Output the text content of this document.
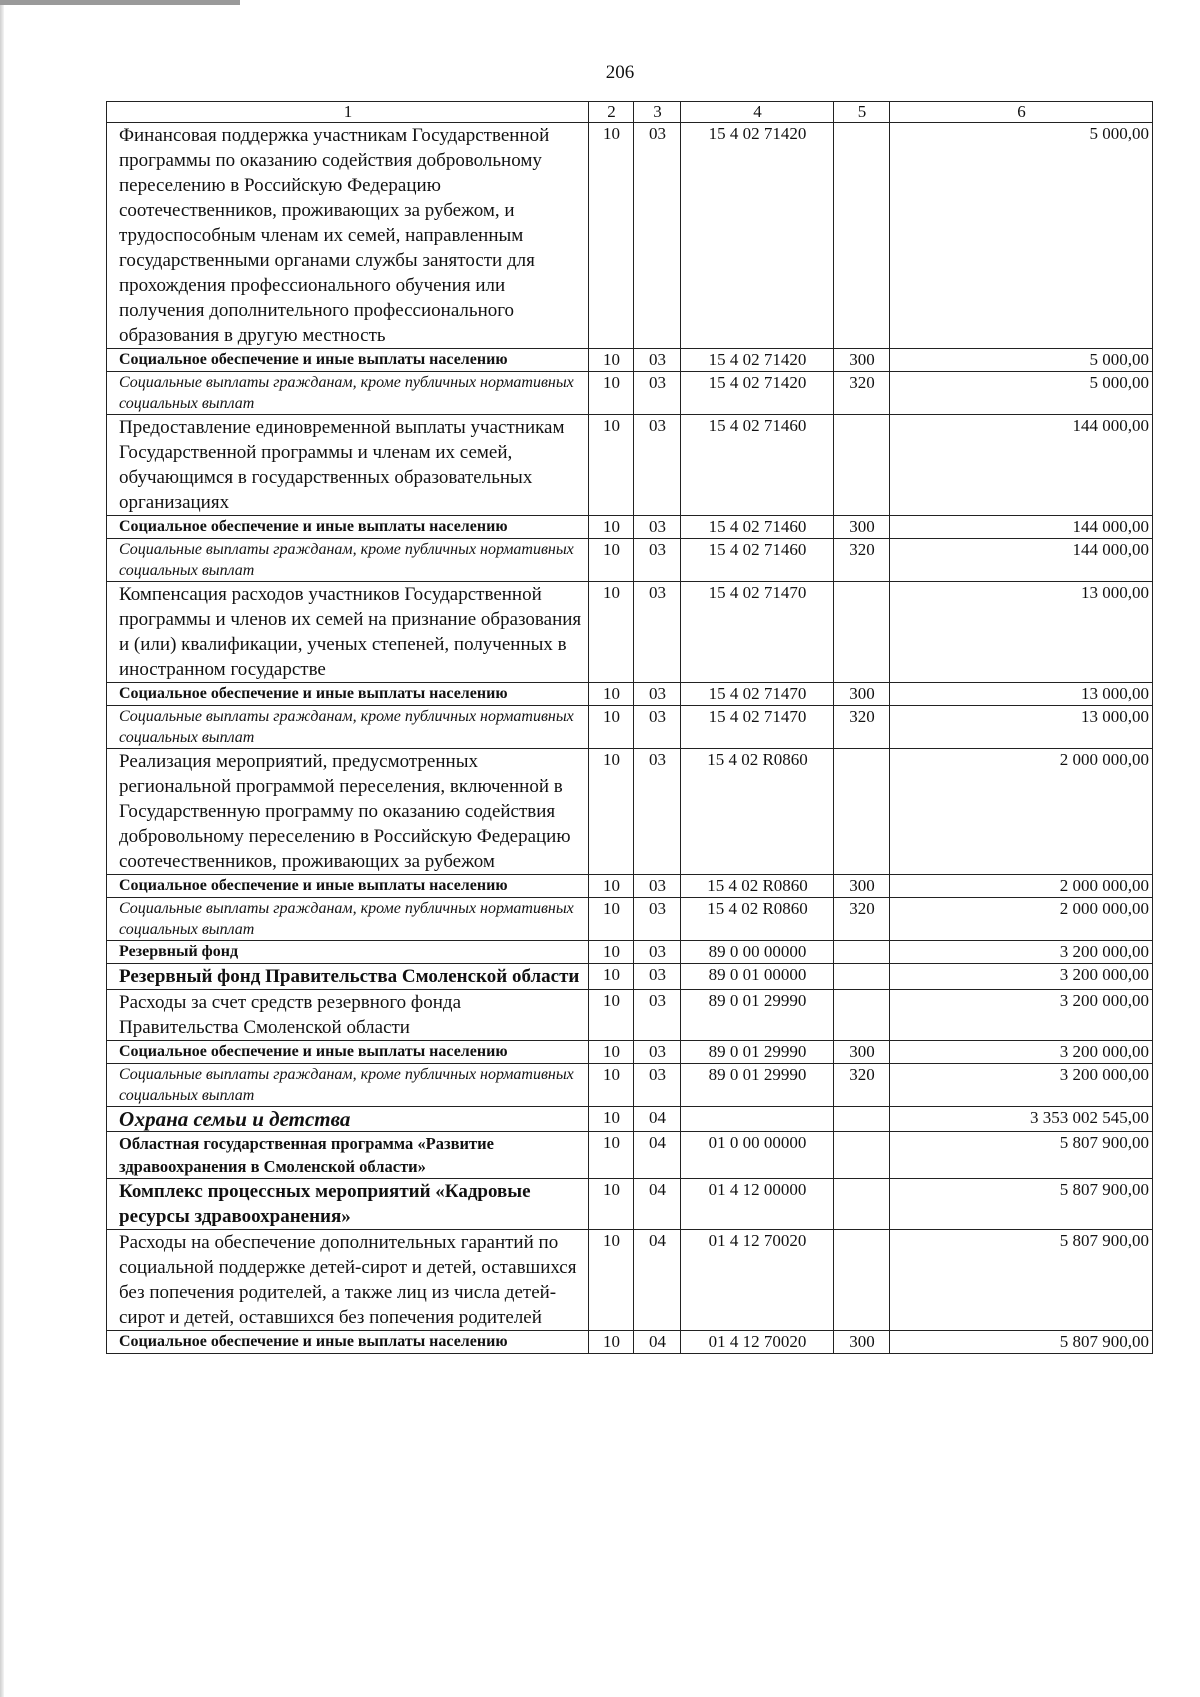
206
1	2	3	4	5	6

Финансовая поддержка участникам Государственной программы по оказанию содействия добровольному переселению в Российскую Федерацию соотечественников, проживающих за рубежом, и трудоспособным членам их семей, направленным государственными органами службы занятости для прохождения профессионального обучения или получения дополнительного профессионального образования в другую местность	10	03	15 4 02 71420		5 000,00

Социальное обеспечение и иные выплаты населению	10	03	15 4 02 71420	300	5 000,00

Социальные выплаты гражданам, кроме публичных нормативных социальных выплат	10	03	15 4 02 71420	320	5 000,00

Предоставление единовременной выплаты участникам Государственной программы и членам их семей, обучающимся в государственных образовательных организациях	10	03	15 4 02 71460		144 000,00

Социальное обеспечение и иные выплаты населению	10	03	15 4 02 71460	300	144 000,00

Социальные выплаты гражданам, кроме публичных нормативных социальных выплат	10	03	15 4 02 71460	320	144 000,00

Компенсация расходов участников Государственной программы и членов их семей на признание образования и (или) квалификации, ученых степеней, полученных в иностранном государстве	10	03	15 4 02 71470		13 000,00

Социальное обеспечение и иные выплаты населению	10	03	15 4 02 71470	300	13 000,00

Социальные выплаты гражданам, кроме публичных нормативных социальных выплат	10	03	15 4 02 71470	320	13 000,00

Реализация мероприятий, предусмотренных региональной программой переселения, включенной в Государственную программу по оказанию содействия добровольному переселению в Российскую Федерацию соотечественников, проживающих за рубежом	10	03	15 4 02 R0860		2 000 000,00

Социальное обеспечение и иные выплаты населению	10	03	15 4 02 R0860	300	2 000 000,00

Социальные выплаты гражданам, кроме публичных нормативных социальных выплат	10	03	15 4 02 R0860	320	2 000 000,00

Резервный фонд	10	03	89 0 00 00000		3 200 000,00

Резервный фонд Правительства Смоленской области	10	03	89 0 01 00000		3 200 000,00

Расходы за счет средств резервного фонда Правительства Смоленской области	10	03	89 0 01 29990		3 200 000,00

Социальное обеспечение и иные выплаты населению	10	03	89 0 01 29990	300	3 200 000,00

Социальные выплаты гражданам, кроме публичных нормативных социальных выплат	10	03	89 0 01 29990	320	3 200 000,00

Охрана семьи и детства	10	04			3 353 002 545,00

Областная государственная программа «Развитие здравоохранения в Смоленской области»	10	04	01 0 00 00000		5 807 900,00

Комплекс процессных мероприятий «Кадровые ресурсы здравоохранения»	10	04	01 4 12 00000		5 807 900,00

Расходы на обеспечение дополнительных гарантий по социальной поддержке детей-сирот и детей, оставшихся без попечения родителей, а также лиц из числа детей-сирот и детей, оставшихся без попечения родителей	10	04	01 4 12 70020		5 807 900,00

Социальное обеспечение и иные выплаты населению	10	04	01 4 12 70020	300	5 807 900,00
